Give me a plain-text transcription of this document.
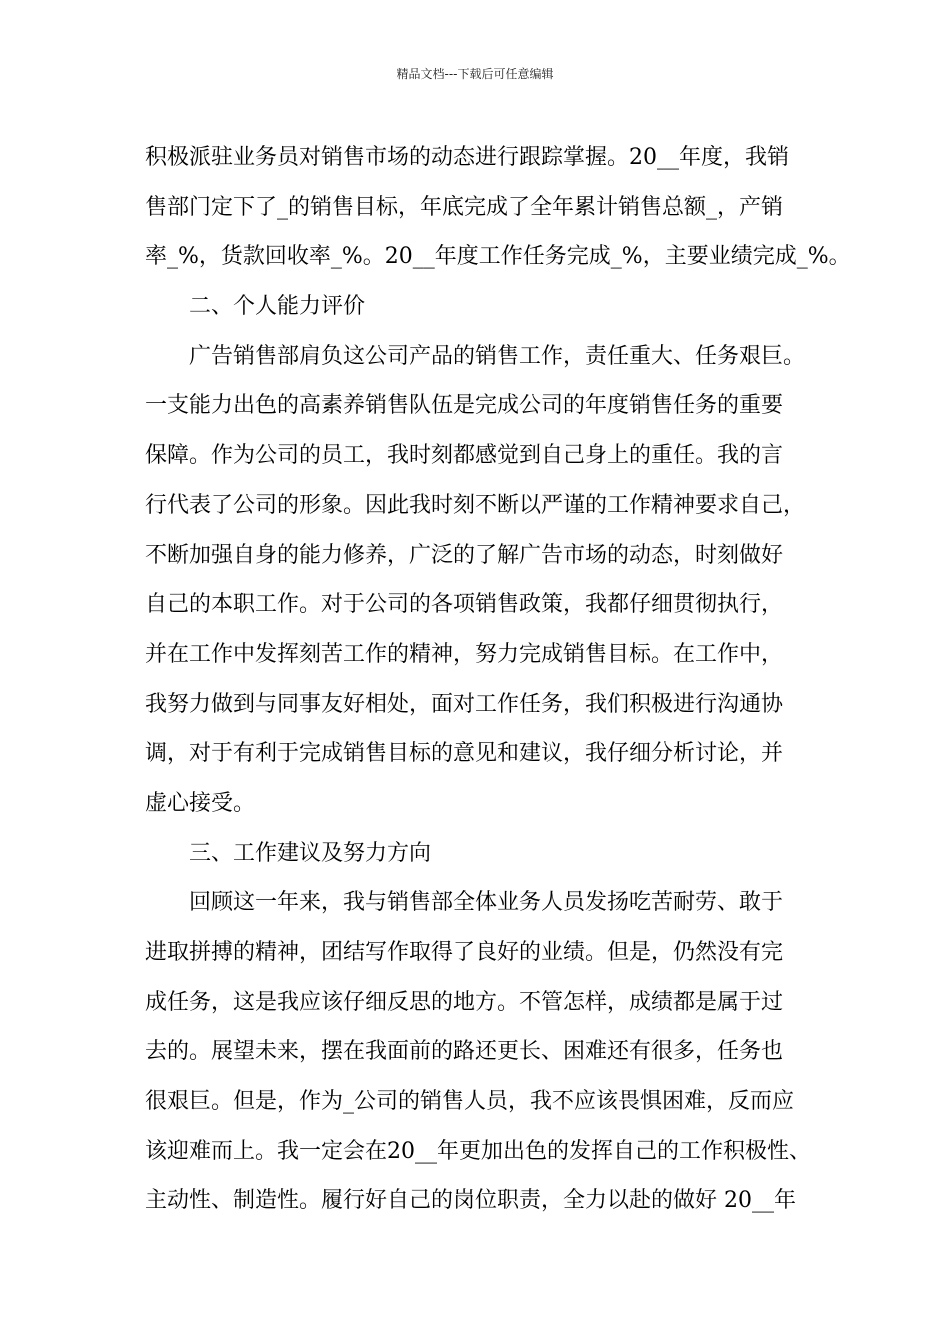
精品文档---下载后可任意编辑
积极派驻业务员对销售市场的动态进行跟踪掌握。20__年度，我销
售部门定下了_的销售目标，年底完成了全年累计销售总额_，产销
率_%，货款回收率_%。20__年度工作任务完成_%，主要业绩完成_%。
二、个人能力评价
广告销售部肩负这公司产品的销售工作，责任重大、任务艰巨。
一支能力出色的高素养销售队伍是完成公司的年度销售任务的重要
保障。作为公司的员工，我时刻都感觉到自己身上的重任。我的言
行代表了公司的形象。因此我时刻不断以严谨的工作精神要求自己，
不断加强自身的能力修养，广泛的了解广告市场的动态，时刻做好
自己的本职工作。对于公司的各项销售政策，我都仔细贯彻执行，
并在工作中发挥刻苦工作的精神，努力完成销售目标。在工作中，
我努力做到与同事友好相处，面对工作任务，我们积极进行沟通协
调，对于有利于完成销售目标的意见和建议，我仔细分析讨论，并
虚心接受。
三、工作建议及努力方向
回顾这一年来，我与销售部全体业务人员发扬吃苦耐劳、敢于
进取拼搏的精神，团结写作取得了良好的业绩。但是，仍然没有完
成任务，这是我应该仔细反思的地方。不管怎样，成绩都是属于过
去的。展望未来，摆在我面前的路还更长、困难还有很多，任务也
很艰巨。但是，作为_公司的销售人员，我不应该畏惧困难，反而应
该迎难而上。我一定会在20__年更加出色的发挥自己的工作积极性、
主动性、制造性。履行好自己的岗位职责，全力以赴的做好 20__年
